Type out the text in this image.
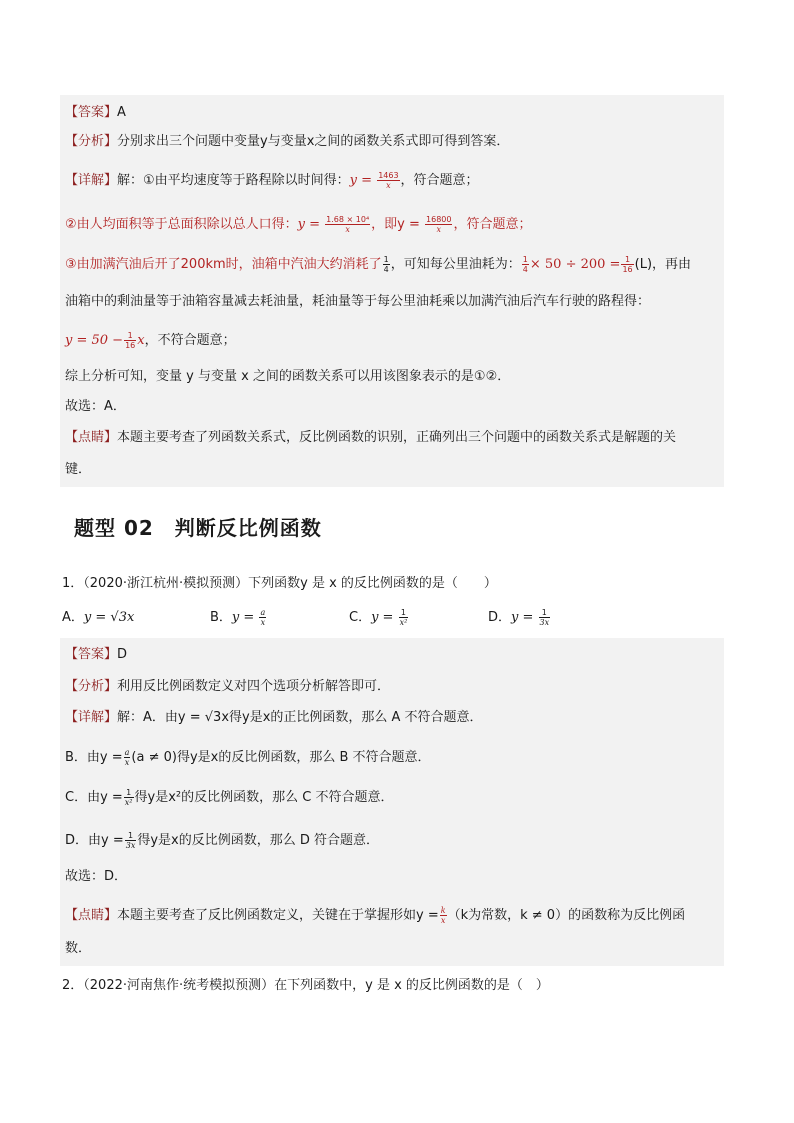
【答案】A
【分析】分别求出三个问题中变量y与变量x之间的函数关系式即可得到答案．
【详解】解：①由平均速度等于路程除以时间得：$y = \frac{1463}{x}$ ，符合题意；
②由人均面积等于总面积除以总人口得：$y = \frac{\text{1.68 × 10⁴}}{x}$ ，即$y = \frac{16800}{x}$ ，符合题意；
③由加满汽油后开了200km时，油箱中汽油大约消耗了 $\frac{1}{4}$ ，可知每公里油耗为： $\frac{1}{4} \times 50 \div 200 = \frac{1}{16} (L)$，再由
油箱中的剩油量等于油箱容量减去耗油量，耗油量等于每公里油耗乘以加满汽油后汽车行驶的路程得：
$y = 50 - \frac{1}{16}$ x，不符合题意；
综上分析可知，变量 y 与变量 x 之间的函数关系可以用该图象表示的是①②．
故选：A．
【点睛】本题主要考查了列函数关系式，反比例函数的识别，正确列出三个问题中的函数关系式是解题的关
键．
题型 02　判断反比例函数
1．（2020·浙江杭州·模拟预测）下列函数y 是 x 的反比例函数的是（　　）
A．y = √3x	B．$y = \frac{a}{x}$	C．$y = \frac{1}{\text{x²}}$	D．$y = \frac{1}{3x}$
【答案】D
【分析】利用反比例函数定义对四个选项分析解答即可．
【详解】解：A．由y = √3x得y是x的正比例函数，那么 A 不符合题意．
B．由$y = \frac{a}{x} (a \ne 0)$得y是x的反比例函数，那么 B 不符合题意．
C．由$y = \frac{1}{\text{x²}}$ 得y是x²的反比例函数，那么 C 不符合题意．
D．由$y = \frac{1}{3x}$ 得y是x的反比例函数，那么 D 符合题意．
故选：D．
【点睛】本题主要考查了反比例函数定义，关键在于掌握形如$y = \frac{k}{x} (k$为常数，k ≠ 0）的函数称为反比例函
数．
2．（2022·河南焦作·统考模拟预测）在下列函数中，y 是 x 的反比例函数的是（　）
